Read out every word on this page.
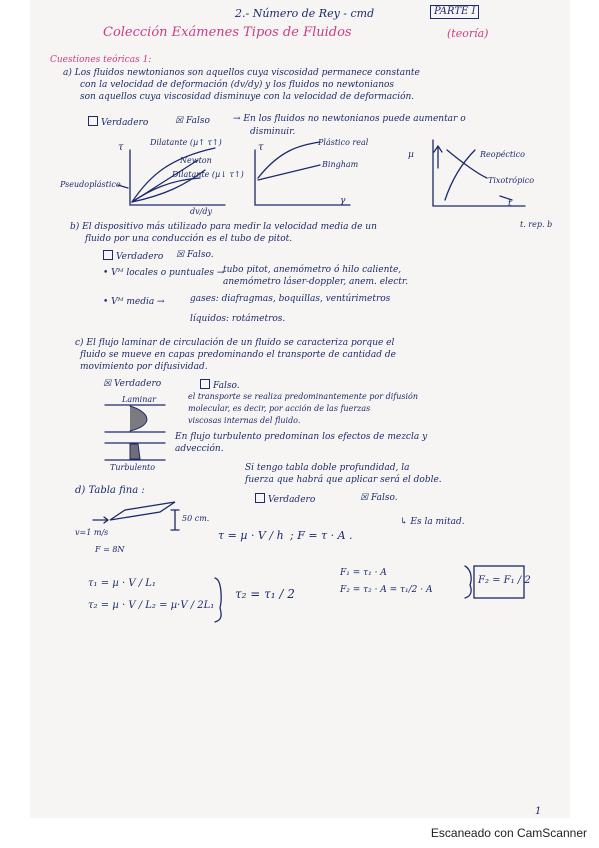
2.- Número de Rey - cmd	PARTE I
Colección Exámenes Tipos de Fluidos	(teoría)
Cuestiones teóricas 1:
a) Los fluidos newtonianos son aquellos cuya viscosidad permanece constante
con la velocidad de deformación (dv/dy) y los fluidos no newtonianos
son aquellos cuya viscosidad disminuye con la velocidad de deformación.
Verdadero	☒ Falso	→ En los fluidos no newtonianos puede aumentar o
disminuir.
τ	Dilatante (µ↑ τ↑)
Newton
Dilatante (µ↓ τ↑)
Pseudoplástico
dv/dy
τ	Plástico real
Bingham
γ
µ	Reopéctico
Tixotrópico
t
t. rep. b
b) El dispositivo más utilizado para medir la velocidad media de un
fluido por una conducción es el tubo de pitot.
Verdadero ☒ Falso.
• Vᴹ locales o puntuales →
tubo pitot, anemómetro ó hilo caliente,
anemómetro láser-doppler, anem. electr.
• Vᴹ media →	gases: diafragmas, boquillas, ventúrimetros
líquidos: rotámetros.
c) El flujo laminar de circulación de un fluido se caracteriza porque el
fluido se mueve en capas predominando el transporte de cantidad de
movimiento por difusividad.
☒ Verdadero	Falso.
Laminar	el transporte se realiza predominantemente por difusión
molecular, es decir, por acción de las fuerzas
viscosas internas del fluido.
En flujo turbulento predominan los efectos de mezcla y
advección.
Turbulento
d) Tabla fina :
Si tengo tabla doble profundidad, la
fuerza que habrá que aplicar será el doble.
Verdadero	☒ Falso.
↳ Es la mitad.
v=1 m/s
F = 8N
50 cm.
τ = µ · V / h ; F = τ · A .
τ₁ = µ · V / L₁
τ₂ = µ · V / L₂ = µ·V / 2L₁
τ₂ = τ₁ / 2
F₁ = τ₁ · A
F₂ = τ₂ · A = τ₁/2 · A
F₂ = F₁ / 2
1
Escaneado con CamScanner
